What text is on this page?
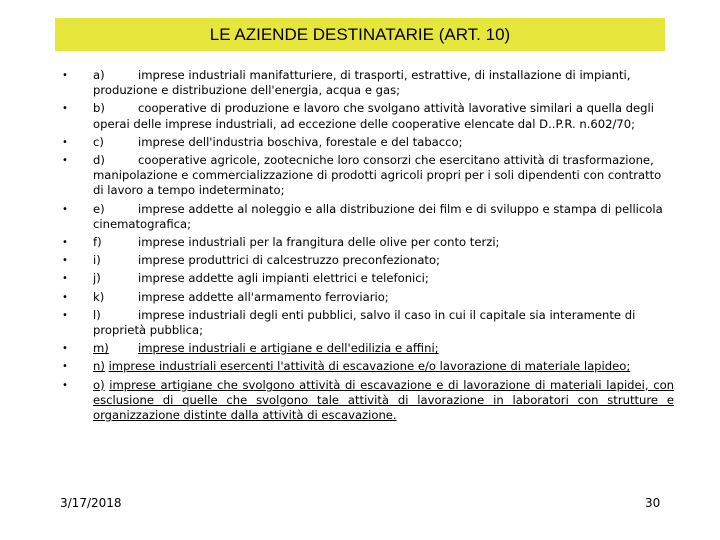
LE AZIENDE DESTINATARIE (ART. 10)
•	a)	imprese industriali manifatturiere, di trasporti, estrattive, di installazione di impianti, produzione e distribuzione dell'energia, acqua e gas;
•	b)	cooperative di produzione e lavoro che svolgano attività lavorative similari a quella degli operai delle imprese industriali, ad eccezione delle cooperative elencate dal D..P.R. n.602/70;
•	c)	imprese dell'industria boschiva, forestale e del tabacco;
•	d)	cooperative agricole, zootecniche loro consorzi che esercitano attività di trasformazione, manipolazione e commercializzazione di prodotti agricoli propri per i soli dipendenti con contratto di lavoro a tempo indeterminato;
•	e)	imprese addette al noleggio e alla distribuzione dei film e di sviluppo e stampa di pellicola cinematografica;
•	f)	imprese industriali per la frangitura delle olive per conto terzi;
•	i)	imprese produttrici di calcestruzzo preconfezionato;
•	j)	imprese addette agli impianti elettrici e telefonici;
•	k)	imprese addette all'armamento ferroviario;
•	l)	imprese industriali degli enti pubblici, salvo il caso in cui il capitale sia interamente di proprietà pubblica;
•	m)	imprese industriali e artigiane e dell'edilizia e affini;
•	n) imprese industriali esercenti l'attività di escavazione e/o lavorazione di materiale lapideo;
•	o) imprese artigiane che svolgono attività di escavazione e di lavorazione di materiali lapidei, con esclusione di quelle che svolgono tale attività di lavorazione in laboratori con strutture e organizzazione distinte dalla attività di escavazione.
3/17/2018	30
